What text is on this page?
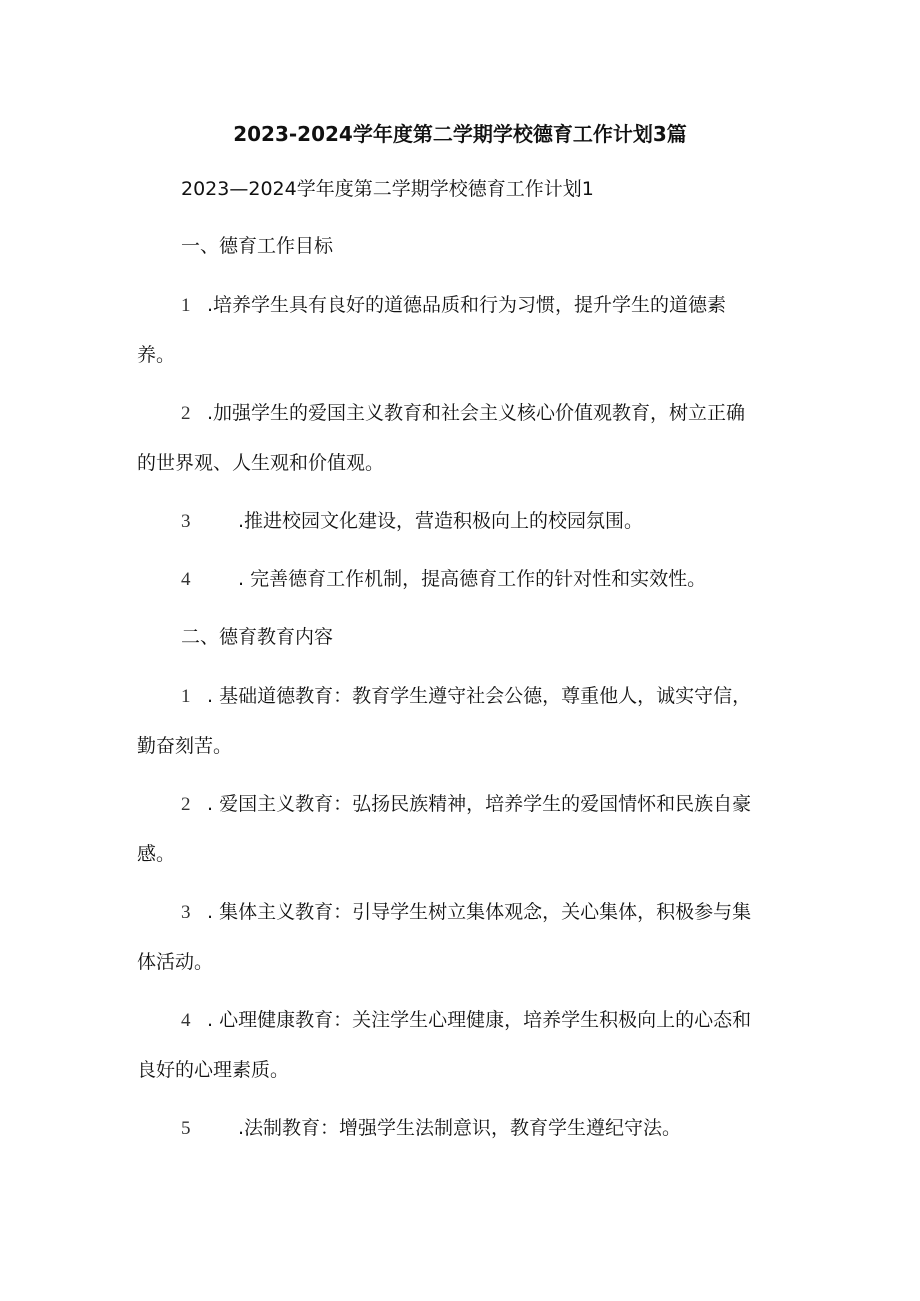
2023-2024学年度第二学期学校德育工作计划3篇
2023—2024学年度第二学期学校德育工作计划1
一、德育工作目标
1 .培养学生具有良好的道德品质和行为习惯，提升学生的道德素
养。
2 .加强学生的爱国主义教育和社会主义核心价值观教育，树立正确
的世界观、人生观和价值观。
3	.推进校园文化建设，营造积极向上的校园氛围。
4	. 完善德育工作机制，提高德育工作的针对性和实效性。
二、德育教育内容
1 . 基础道德教育：教育学生遵守社会公德，尊重他人，诚实守信，
勤奋刻苦。
2 . 爱国主义教育：弘扬民族精神，培养学生的爱国情怀和民族自豪
感。
3 . 集体主义教育：引导学生树立集体观念，关心集体，积极参与集
体活动。
4 . 心理健康教育：关注学生心理健康，培养学生积极向上的心态和
良好的心理素质。
5	.法制教育：增强学生法制意识，教育学生遵纪守法。
